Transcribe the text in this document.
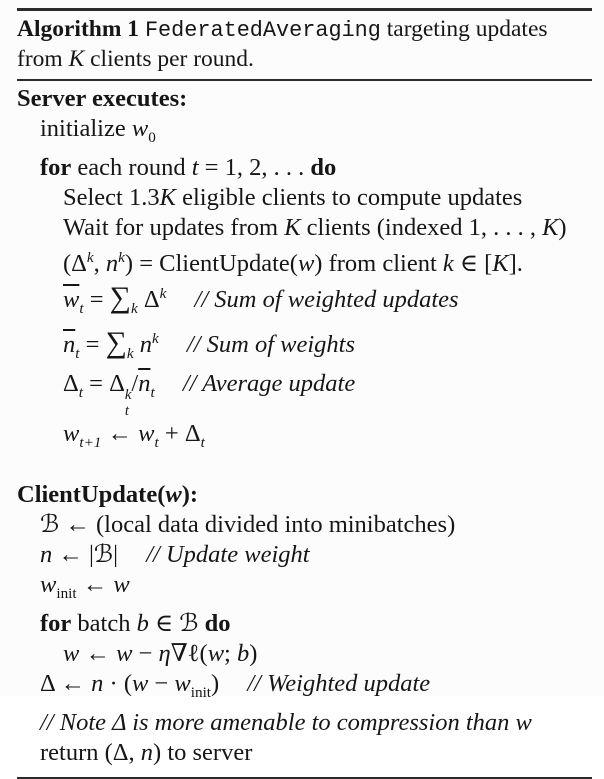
Algorithm 1 FederatedAveraging targeting updates
from K clients per round.
Server executes:
initialize $w_0$
for each round t = 1, 2, . . . do
Select 1.3K eligible clients to compute updates
Wait for updates from K clients (indexed 1, . . . , K)
($\Delta^k$, $n^k$) = ClientUpdate(w) from client k ∈ [K].
$\overline{w}_t = \sum_k$ $\Delta^k$ // Sum of weighted updates
$\overline{n}_t = \sum_k$ $n^k$ // Sum of weights
$\Delta_t = \Delta$ k
t
$/\overline{n}_t$ // Average update
$w_{t+1}$ ← $w_t + \Delta_t$
ClientUpdate(w):
ℬ ← (local data divided into minibatches)
n ← |ℬ| // Update weight
$w_{init}$ ← w
for batch b ∈ ℬ do
w ← w − η∇ℓ(w; b)
Δ ← $n \cdot (w - w_{init})$ // Weighted update
// Note Δ is more amenable to compression than w
return (Δ, n) to server
